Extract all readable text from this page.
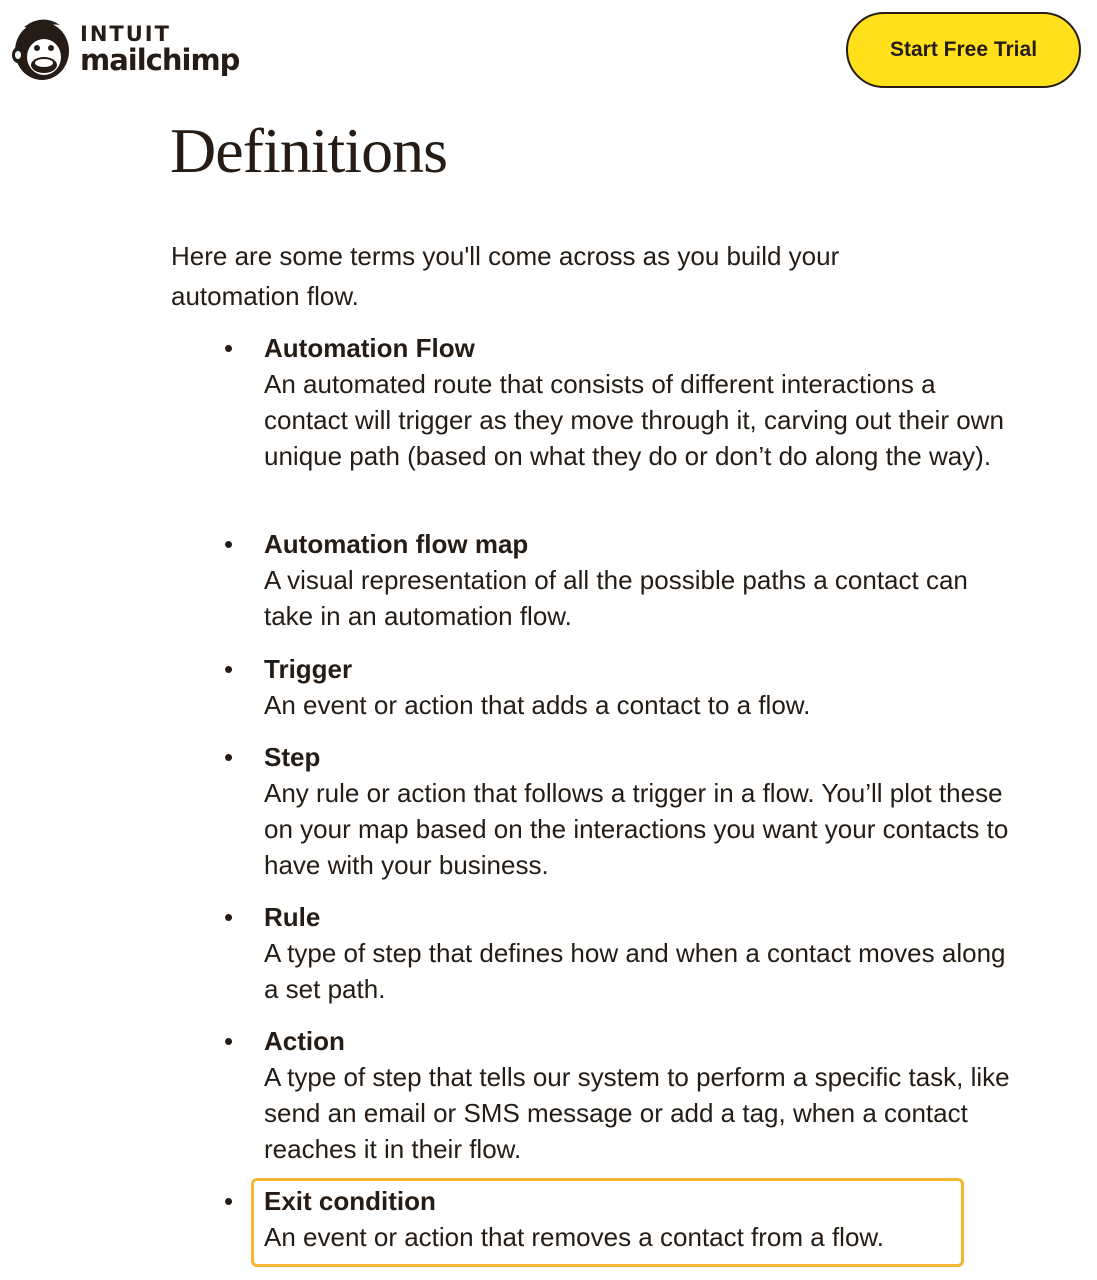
INTUIT
mailchimp	Start Free Trial
Definitions

Here are some terms you'll come across as you build your automation flow.

• Automation Flow
An automated route that consists of different interactions a contact will trigger as they move through it, carving out their own unique path (based on what they do or don’t do along the way).
• Automation flow map
A visual representation of all the possible paths a contact can take in an automation flow.
• Trigger
An event or action that adds a contact to a flow.
• Step
Any rule or action that follows a trigger in a flow. You’ll plot these on your map based on the interactions you want your contacts to have with your business.
• Rule
A type of step that defines how and when a contact moves along a set path.
• Action
A type of step that tells our system to perform a specific task, like send an email or SMS message or add a tag, when a contact reaches it in their flow.
• Exit condition
An event or action that removes a contact from a flow.
